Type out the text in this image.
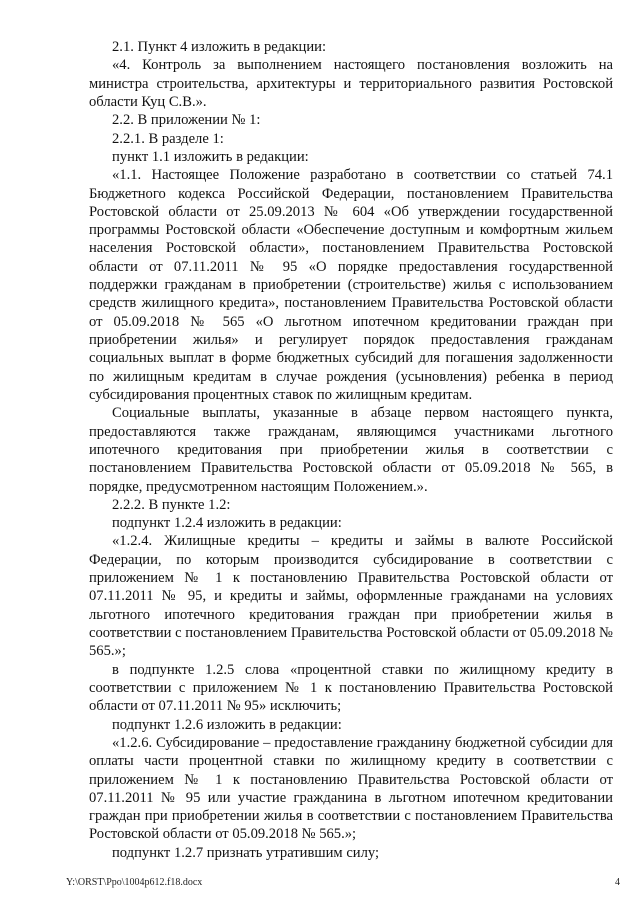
2.1. Пункт 4 изложить в редакции:

«4. Контроль за выполнением настоящего постановления возложить на министра строительства, архитектуры и территориального развития Ростовской области Куц С.В.».

2.2. В приложении № 1:

2.2.1. В разделе 1:

пункт 1.1 изложить в редакции:

«1.1. Настоящее Положение разработано в соответствии со статьей 74.1 Бюджетного кодекса Российской Федерации, постановлением Правительства Ростовской области от 25.09.2013 № 604 «Об утверждении государственной программы Ростовской области «Обеспечение доступным и комфортным жильем населения Ростовской области», постановлением Правительства Ростовской области от 07.11.2011 № 95 «О порядке предоставления государственной поддержки гражданам в приобретении (строительстве) жилья с использованием средств жилищного кредита», постановлением Правительства Ростовской области от 05.09.2018 № 565 «О льготном ипотечном кредитовании граждан при приобретении жилья» и регулирует порядок предоставления гражданам социальных выплат в форме бюджетных субсидий для погашения задолженности по жилищным кредитам в случае рождения (усыновления) ребенка в период субсидирования процентных ставок по жилищным кредитам.

Социальные выплаты, указанные в абзаце первом настоящего пункта, предоставляются также гражданам, являющимся участниками льготного ипотечного кредитования при приобретении жилья в соответствии с постановлением Правительства Ростовской области от 05.09.2018 № 565, в порядке, предусмотренном настоящим Положением.».

2.2.2. В пункте 1.2:

подпункт 1.2.4 изложить в редакции:

«1.2.4. Жилищные кредиты – кредиты и займы в валюте Российской Федерации, по которым производится субсидирование в соответствии с приложением № 1 к постановлению Правительства Ростовской области от 07.11.2011 № 95, и кредиты и займы, оформленные гражданами на условиях льготного ипотечного кредитования граждан при приобретении жилья в соответствии с постановлением Правительства Ростовской области от 05.09.2018 № 565.»;

в подпункте 1.2.5 слова «процентной ставки по жилищному кредиту в соответствии с приложением № 1 к постановлению Правительства Ростовской области от 07.11.2011 № 95» исключить;

подпункт 1.2.6 изложить в редакции:

«1.2.6. Субсидирование – предоставление гражданину бюджетной субсидии для оплаты части процентной ставки по жилищному кредиту в соответствии с приложением № 1 к постановлению Правительства Ростовской области от 07.11.2011 № 95 или участие гражданина в льготном ипотечном кредитовании граждан при приобретении жилья в соответствии с постановлением Правительства Ростовской области от 05.09.2018 № 565.»;

подпункт 1.2.7 признать утратившим силу;

Y:\ORST\Ppo\1004p612.f18.docx	4
